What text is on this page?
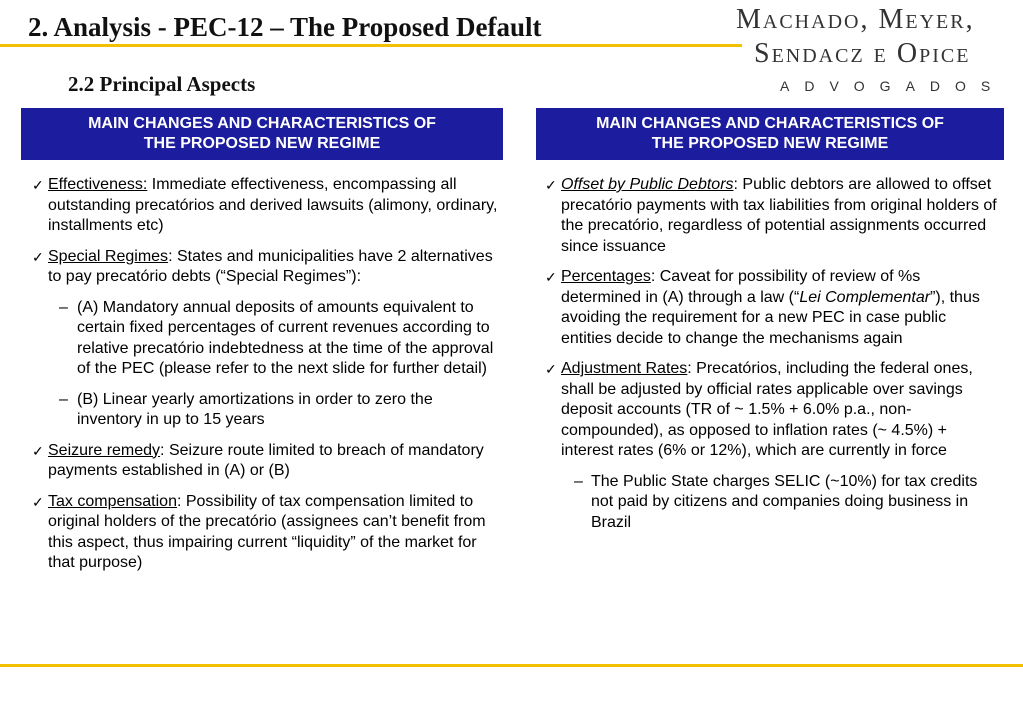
2. Analysis - PEC-12 – The Proposed Default	Machado, Meyer,
Sendacz e Opice
ADVOGADOS
2.2 Principal Aspects
MAIN CHANGES AND CHARACTERISTICS OF
THE PROPOSED NEW REGIME
✓ Effectiveness: Immediate effectiveness, encompassing all outstanding precatórios and derived lawsuits (alimony, ordinary, installments etc)
✓ Special Regimes: States and municipalities have 2 alternatives to pay precatório debts (“Special Regimes”):
– (A) Mandatory annual deposits of amounts equivalent to certain fixed percentages of current revenues according to relative precatório indebtedness at the time of the approval of the PEC (please refer to the next slide for further detail)
– (B) Linear yearly amortizations in order to zero the inventory in up to 15 years
✓ Seizure remedy: Seizure route limited to breach of mandatory payments established in (A) or (B)
✓ Tax compensation: Possibility of tax compensation limited to original holders of the precatório (assignees can’t benefit from this aspect, thus impairing current “liquidity” of the market for that purpose)
MAIN CHANGES AND CHARACTERISTICS OF
THE PROPOSED NEW REGIME
✓ Offset by Public Debtors: Public debtors are allowed to offset precatório payments with tax liabilities from original holders of the precatório, regardless of potential assignments occurred since issuance
✓ Percentages: Caveat for possibility of review of %s determined in (A) through a law (“Lei Complementar”), thus avoiding the requirement for a new PEC in case public entities decide to change the mechanisms again
✓ Adjustment Rates: Precatórios, including the federal ones, shall be adjusted by official rates applicable over savings deposit accounts (TR of ~ 1.5% + 6.0% p.a., non-compounded), as opposed to inflation rates (~ 4.5%) + interest rates (6% or 12%), which are currently in force
– The Public State charges SELIC (~10%) for tax credits not paid by citizens and companies doing business in Brazil
